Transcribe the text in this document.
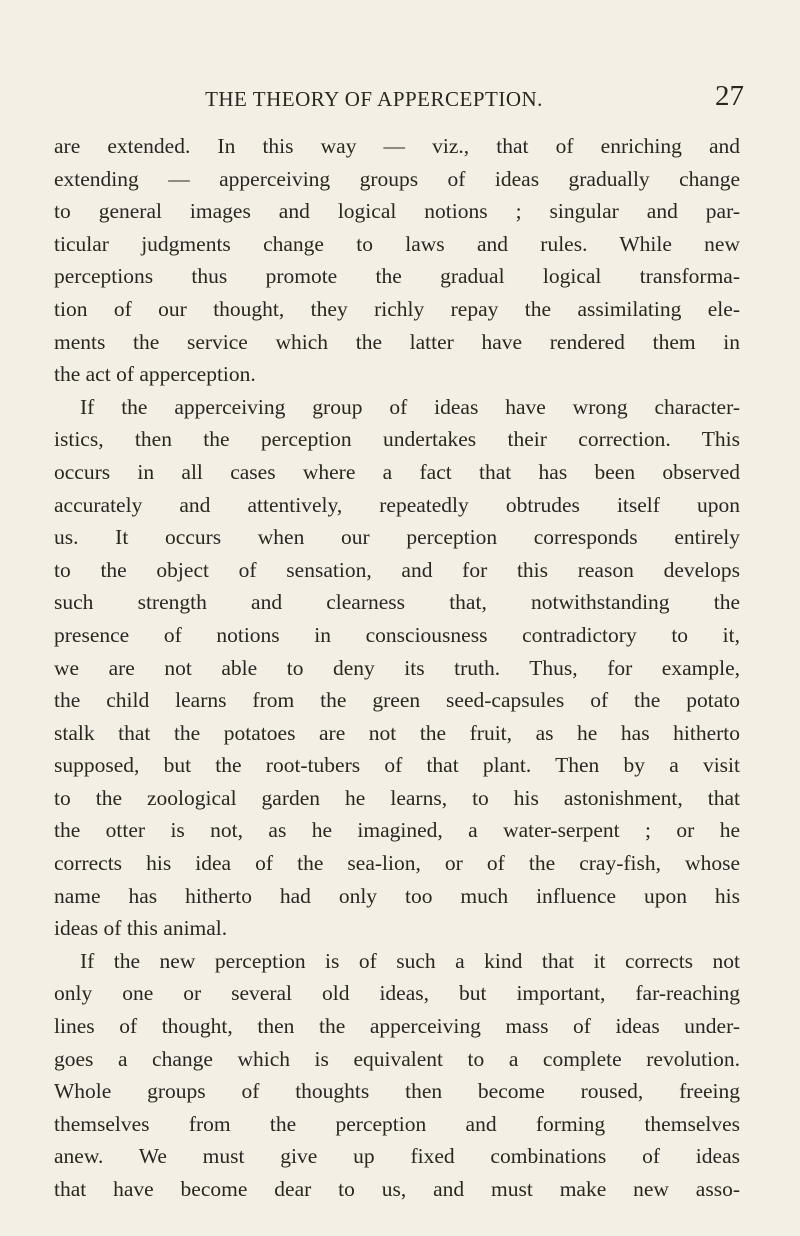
THE THEORY OF APPERCEPTION.	27
are extended. In this way — viz., that of enriching and
extending — apperceiving groups of ideas gradually change
to general images and logical notions ; singular and par-
ticular judgments change to laws and rules. While new
perceptions thus promote the gradual logical transforma-
tion of our thought, they richly repay the assimilating ele-
ments the service which the latter have rendered them in
the act of apperception.
If the apperceiving group of ideas have wrong character-
istics, then the perception undertakes their correction. This
occurs in all cases where a fact that has been observed
accurately and attentively, repeatedly obtrudes itself upon
us. It occurs when our perception corresponds entirely
to the object of sensation, and for this reason develops
such strength and clearness that, notwithstanding the
presence of notions in consciousness contradictory to it,
we are not able to deny its truth. Thus, for example,
the child learns from the green seed-capsules of the potato
stalk that the potatoes are not the fruit, as he has hitherto
supposed, but the root-tubers of that plant. Then by a visit
to the zoological garden he learns, to his astonishment, that
the otter is not, as he imagined, a water-serpent ; or he
corrects his idea of the sea-lion, or of the cray-fish, whose
name has hitherto had only too much influence upon his
ideas of this animal.
If the new perception is of such a kind that it corrects not
only one or several old ideas, but important, far-reaching
lines of thought, then the apperceiving mass of ideas under-
goes a change which is equivalent to a complete revolution.
Whole groups of thoughts then become roused, freeing
themselves from the perception and forming themselves
anew. We must give up fixed combinations of ideas
that have become dear to us, and must make new asso-
